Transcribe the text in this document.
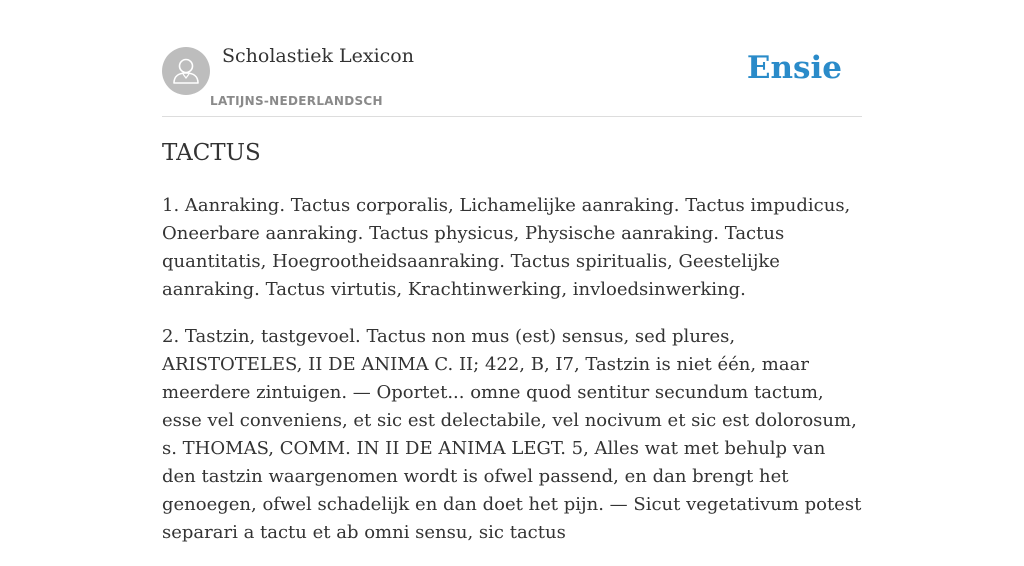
Scholastiek Lexicon
LATIJNS-NEDERLANDSCH
Ensie
TACTUS

1. Aanraking. Tactus corporalis, Lichamelijke aanraking. Tactus impudicus, Oneerbare aanraking. Tactus physicus, Physische aanraking. Tactus quantitatis, Hoegrootheidsaanraking. Tactus spiritualis, Geestelijke aanraking. Tactus virtutis, Krachtinwerking, invloedsinwerking.

2. Tastzin, tastgevoel. Tactus non mus (est) sensus, sed plures, ARISTOTELES, II DE ANIMA C. II; 422, B, I7, Tastzin is niet één, maar meerdere zintuigen. — Oportet... omne quod sentitur secundum tactum, esse vel conveniens, et sic est delectabile, vel nocivum et sic est dolorosum, s. THOMAS, COMM. IN II DE ANIMA LEGT. 5, Alles wat met behulp van den tastzin waargenomen wordt is ofwel passend, en dan brengt het genoegen, ofwel schadelijk en dan doet het pijn. — Sicut vegetativum potest separari a tactu et ab omni sensu, sic tactus
